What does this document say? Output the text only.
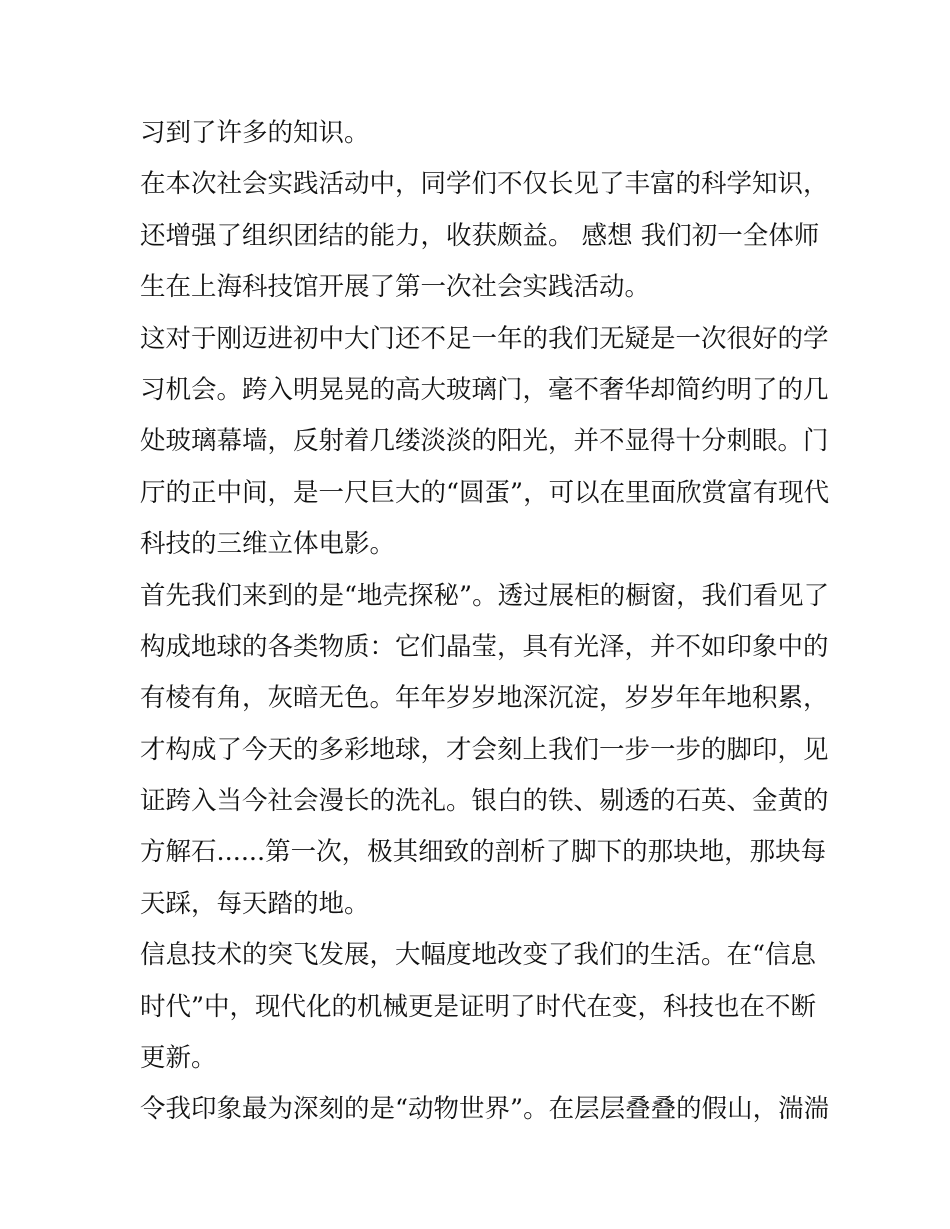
习到了许多的知识。
在本次社会实践活动中，同学们不仅长见了丰富的科学知识，
还增强了组织团结的能力，收获颇益。 感想 我们初一全体师
生在上海科技馆开展了第一次社会实践活动。
这对于刚迈进初中大门还不足一年的我们无疑是一次很好的学
习机会。跨入明晃晃的高大玻璃门，毫不奢华却简约明了的几
处玻璃幕墙，反射着几缕淡淡的阳光，并不显得十分刺眼。门
厅的正中间，是一尺巨大的“圆蛋”，可以在里面欣赏富有现代
科技的三维立体电影。
首先我们来到的是“地壳探秘”。透过展柜的橱窗，我们看见了
构成地球的各类物质：它们晶莹，具有光泽，并不如印象中的
有棱有角，灰暗无色。年年岁岁地深沉淀，岁岁年年地积累，
才构成了今天的多彩地球，才会刻上我们一步一步的脚印，见
证跨入当今社会漫长的洗礼。银白的铁、剔透的石英、金黄的
方解石......第一次，极其细致的剖析了脚下的那块地，那块每
天踩，每天踏的地。
信息技术的突飞发展，大幅度地改变了我们的生活。在“信息
时代”中，现代化的机械更是证明了时代在变，科技也在不断
更新。
令我印象最为深刻的是“动物世界”。在层层叠叠的假山，湍湍
